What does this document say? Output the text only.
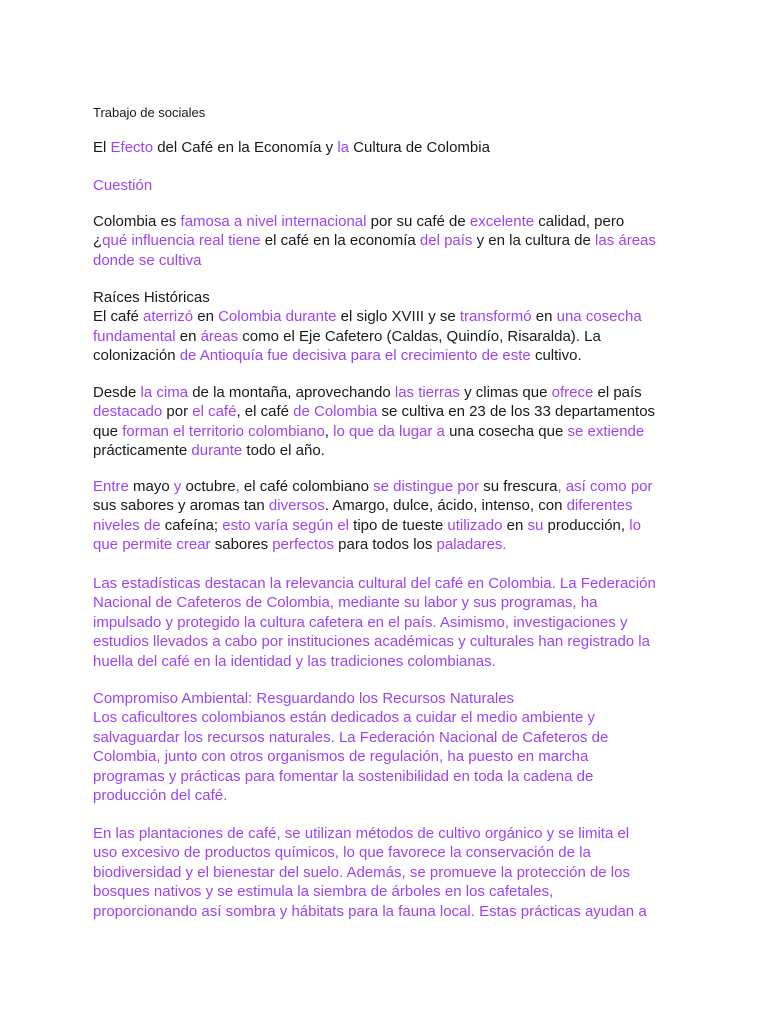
Trabajo de sociales
El Efecto del Café en la Economía y la Cultura de Colombia
Cuestión
Colombia es famosa a nivel internacional por su café de excelente calidad, pero
¿qué influencia real tiene el café en la economía del país y en la cultura de las áreas
donde se cultiva
Raíces Históricas
El café aterrizó en Colombia durante el siglo XVIII y se transformó en una cosecha
fundamental en áreas como el Eje Cafetero (Caldas, Quindío, Risaralda). La
colonización de Antioquía fue decisiva para el crecimiento de este cultivo.
Desde la cima de la montaña, aprovechando las tierras y climas que ofrece el país
destacado por el café, el café de Colombia se cultiva en 23 de los 33 departamentos
que forman el territorio colombiano, lo que da lugar a una cosecha que se extiende
prácticamente durante todo el año.
Entre mayo y octubre, el café colombiano se distingue por su frescura, así como por
sus sabores y aromas tan diversos. Amargo, dulce, ácido, intenso, con diferentes
niveles de cafeína; esto varía según el tipo de tueste utilizado en su producción, lo
que permite crear sabores perfectos para todos los paladares.
Las estadísticas destacan la relevancia cultural del café en Colombia. La Federación
Nacional de Cafeteros de Colombia, mediante su labor y sus programas, ha
impulsado y protegido la cultura cafetera en el país. Asimismo, investigaciones y
estudios llevados a cabo por instituciones académicas y culturales han registrado la
huella del café en la identidad y las tradiciones colombianas.
Compromiso Ambiental: Resguardando los Recursos Naturales
Los caficultores colombianos están dedicados a cuidar el medio ambiente y
salvaguardar los recursos naturales. La Federación Nacional de Cafeteros de
Colombia, junto con otros organismos de regulación, ha puesto en marcha
programas y prácticas para fomentar la sostenibilidad en toda la cadena de
producción del café.
En las plantaciones de café, se utilizan métodos de cultivo orgánico y se limita el
uso excesivo de productos químicos, lo que favorece la conservación de la
biodiversidad y el bienestar del suelo. Además, se promueve la protección de los
bosques nativos y se estimula la siembra de árboles en los cafetales,
proporcionando así sombra y hábitats para la fauna local. Estas prácticas ayudan a
